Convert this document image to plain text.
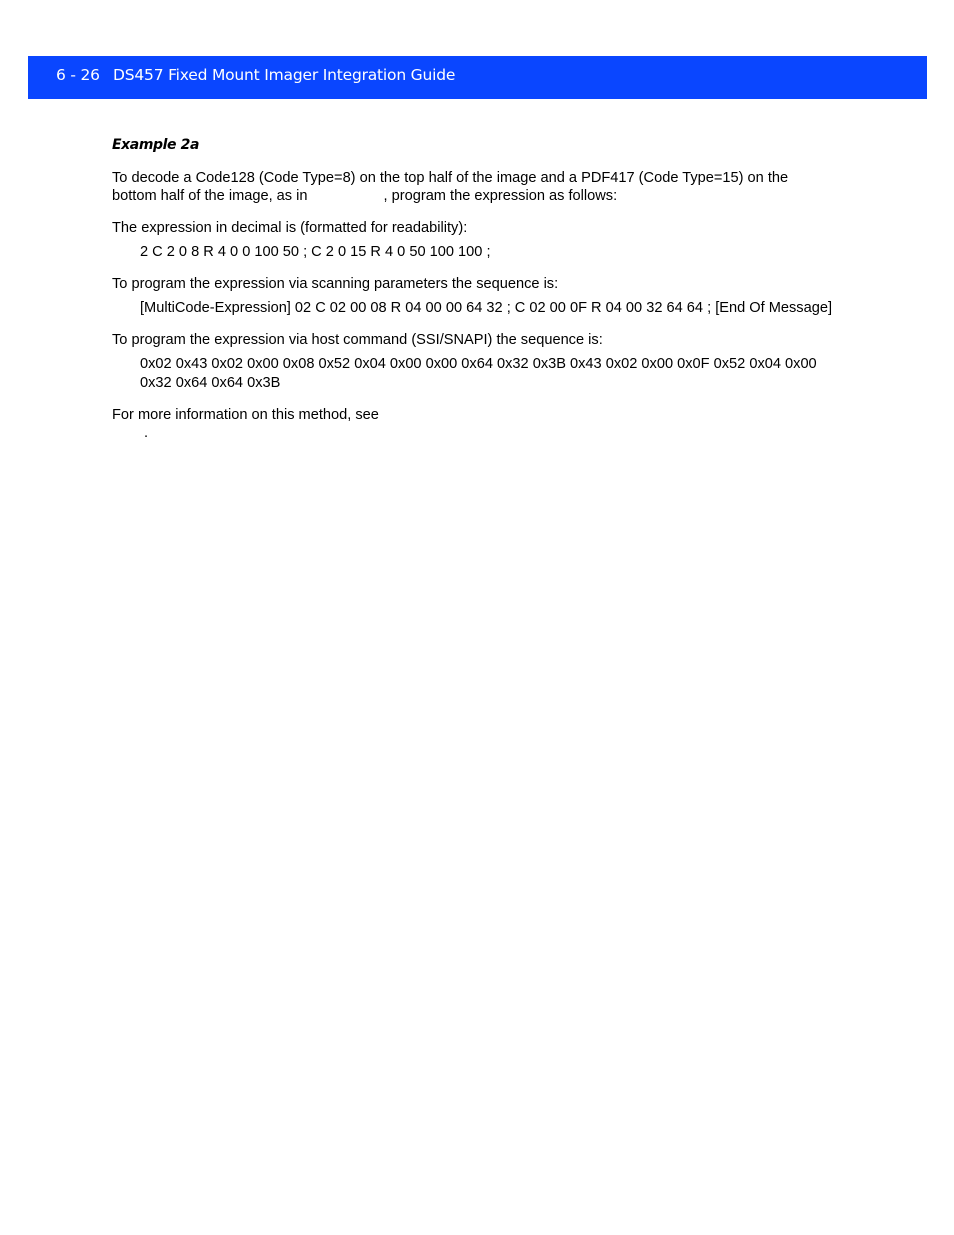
6 - 26 DS457 Fixed Mount Imager Integration Guide
Example 2a
To decode a Code128 (Code Type=8) on the top half of the image and a PDF417 (Code Type=15) on the
bottom half of the image, as in	, program the expression as follows:
The expression in decimal is (formatted for readability):
2 C 2 0 8 R 4 0 0 100 50 ; C 2 0 15 R 4 0 50 100 100 ;
To program the expression via scanning parameters the sequence is:
[MultiCode-Expression] 02 C 02 00 08 R 04 00 00 64 32 ; C 02 00 0F R 04 00 32 64 64 ; [End Of Message]
To program the expression via host command (SSI/SNAPI) the sequence is:
0x02 0x43 0x02 0x00 0x08 0x52 0x04 0x00 0x00 0x64 0x32 0x3B 0x43 0x02 0x00 0x0F 0x52 0x04 0x00
0x32 0x64 0x64 0x3B
For more information on this method, see
.
